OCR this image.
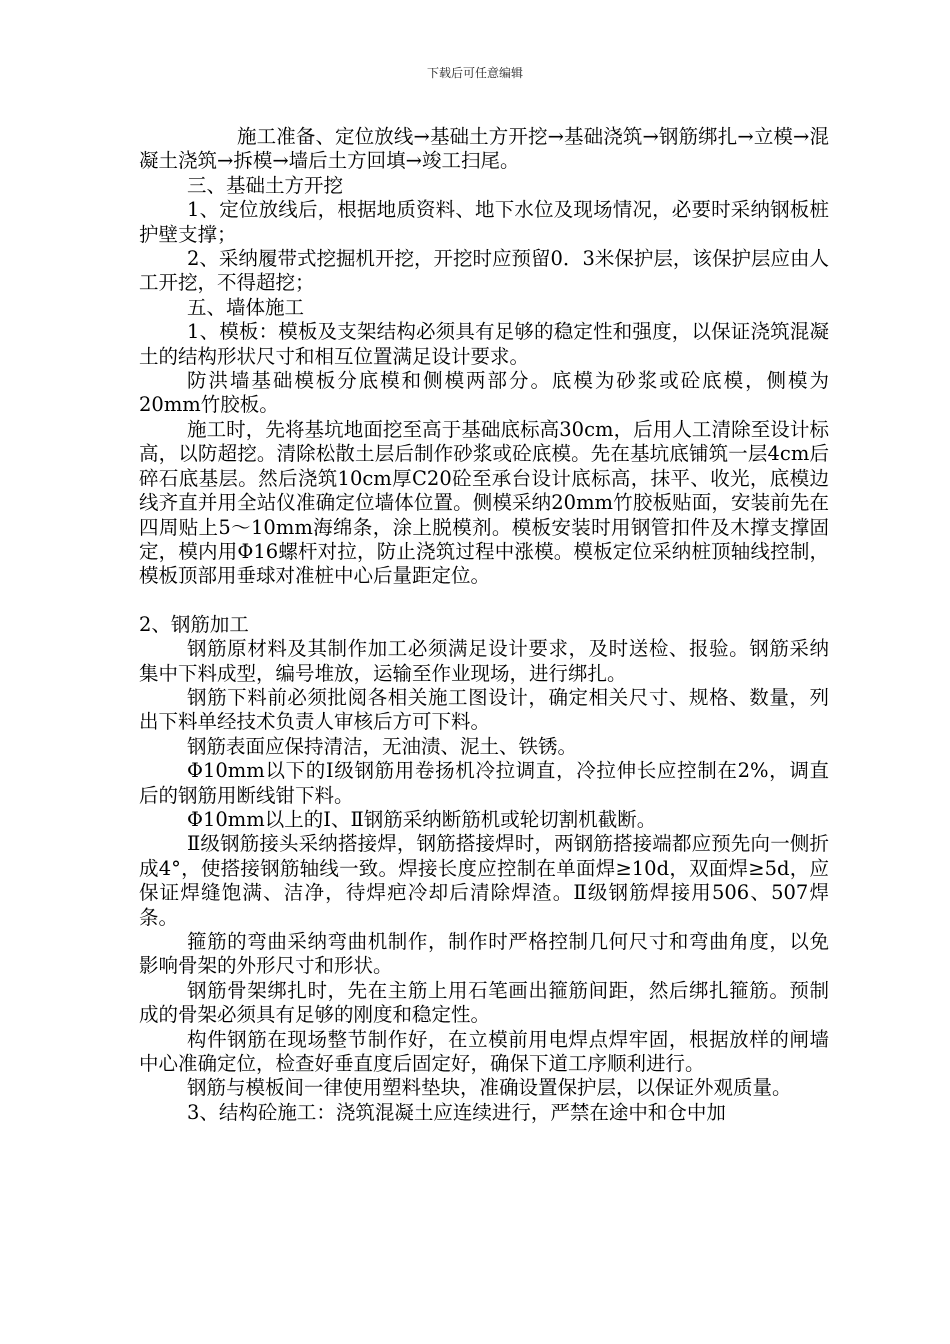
下载后可任意编辑

施工准备、定位放线→基础土方开挖→基础浇筑→钢筋绑扎→立模→混凝土浇筑→拆模→墙后土方回填→竣工扫尾。

三、基础土方开挖

1、定位放线后，根据地质资料、地下水位及现场情况，必要时采纳钢板桩护壁支撑；

2、采纳履带式挖掘机开挖，开挖时应预留0．3米保护层，该保护层应由人工开挖，不得超挖；

五、墙体施工

1、模板：模板及支架结构必须具有足够的稳定性和强度，以保证浇筑混凝土的结构形状尺寸和相互位置满足设计要求。

防洪墙基础模板分底模和侧模两部分。底模为砂浆或砼底模，侧模为20mm竹胶板。

施工时，先将基坑地面挖至高于基础底标高30cm，后用人工清除至设计标高，以防超挖。清除松散土层后制作砂浆或砼底模。先在基坑底铺筑一层4cm后碎石底基层。然后浇筑10cm厚C20砼至承台设计底标高，抹平、收光，底模边线齐直并用全站仪准确定位墙体位置。侧模采纳20mm竹胶板贴面，安装前先在四周贴上5～10mm海绵条，涂上脱模剂。模板安装时用钢管扣件及木撑支撑固定，模内用Φ16螺杆对拉，防止浇筑过程中涨模。模板定位采纳桩顶轴线控制，模板顶部用垂球对准桩中心后量距定位。

2、钢筋加工

钢筋原材料及其制作加工必须满足设计要求，及时送检、报验。钢筋采纳集中下料成型，编号堆放，运输至作业现场，进行绑扎。

钢筋下料前必须批阅各相关施工图设计，确定相关尺寸、规格、数量，列出下料单经技术负责人审核后方可下料。

钢筋表面应保持清洁，无油渍、泥土、铁锈。

Φ10mm以下的Ⅰ级钢筋用卷扬机冷拉调直，冷拉伸长应控制在2%，调直后的钢筋用断线钳下料。

Φ10mm以上的Ⅰ、Ⅱ钢筋采纳断筋机或轮切割机截断。

Ⅱ级钢筋接头采纳搭接焊，钢筋搭接焊时，两钢筋搭接端都应预先向一侧折成4°，使搭接钢筋轴线一致。焊接长度应控制在单面焊≥10d，双面焊≥5d，应保证焊缝饱满、洁净，待焊疤冷却后清除焊渣。Ⅱ级钢筋焊接用506、507焊条。

箍筋的弯曲采纳弯曲机制作，制作时严格控制几何尺寸和弯曲角度，以免影响骨架的外形尺寸和形状。

钢筋骨架绑扎时，先在主筋上用石笔画出箍筋间距，然后绑扎箍筋。预制成的骨架必须具有足够的刚度和稳定性。

构件钢筋在现场整节制作好，在立模前用电焊点焊牢固，根据放样的闸墙中心准确定位，检查好垂直度后固定好，确保下道工序顺利进行。

钢筋与模板间一律使用塑料垫块，准确设置保护层，以保证外观质量。

3、结构砼施工：浇筑混凝土应连续进行，严禁在途中和仓中加
